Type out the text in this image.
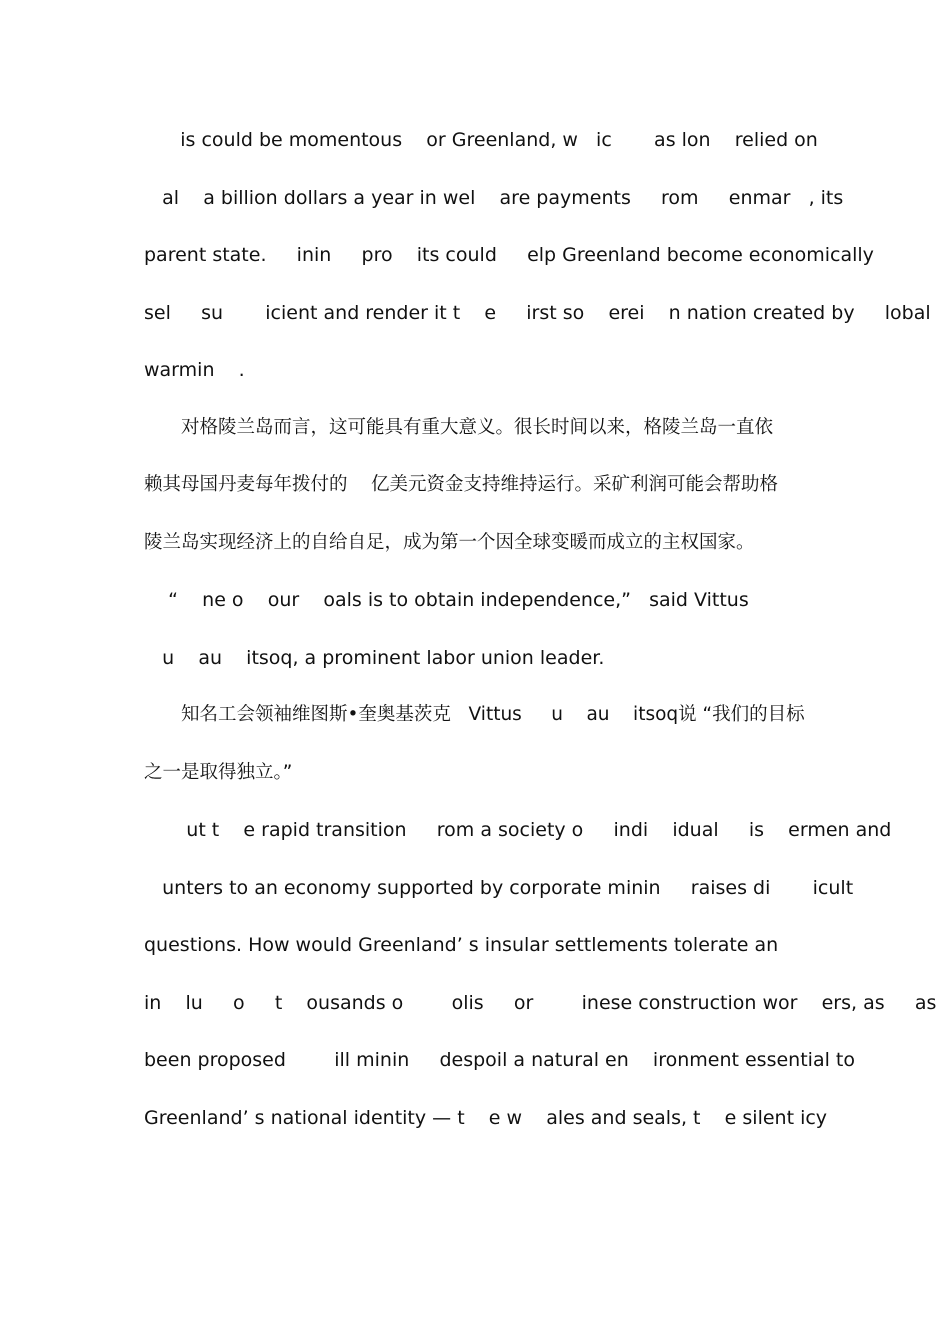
is could be momentous    or Greenland, w   ic       as lon    relied on
al    a billion dollars a year in wel    are payments     rom     enmar   , its
parent state.     inin     pro    its could     elp Greenland become economically
sel     su       icient and render it t    e     irst so    erei    n nation created by     lobal
warmin    .
对格陵兰岛而言，这可能具有重大意义。很长时间以来，格陵兰岛一直依
赖其母国丹麦每年拨付的    亿美元资金支持维持运行。采矿利润可能会帮助格
陵兰岛实现经济上的自给自足，成为第一个因全球变暖而成立的主权国家。
“    ne o    our    oals is to obtain independence,”   said Vittus
u    au    itsoq, a prominent labor union leader.
知名工会领袖维图斯•奎奥基茨克   Vittus     u    au    itsoq说 “我们的目标
之一是取得独立。”
ut t    e rapid transition     rom a society o     indi    idual     is    ermen and
unters to an economy supported by corporate minin     raises di       icult
questions. How would Greenland’ s insular settlements tolerate an
in    lu     o     t    ousands o        olis     or        inese construction wor    ers, as     as
been proposed        ill minin     despoil a natural en    ironment essential to
Greenland’ s national identity — t    e w    ales and seals, t    e silent icy
